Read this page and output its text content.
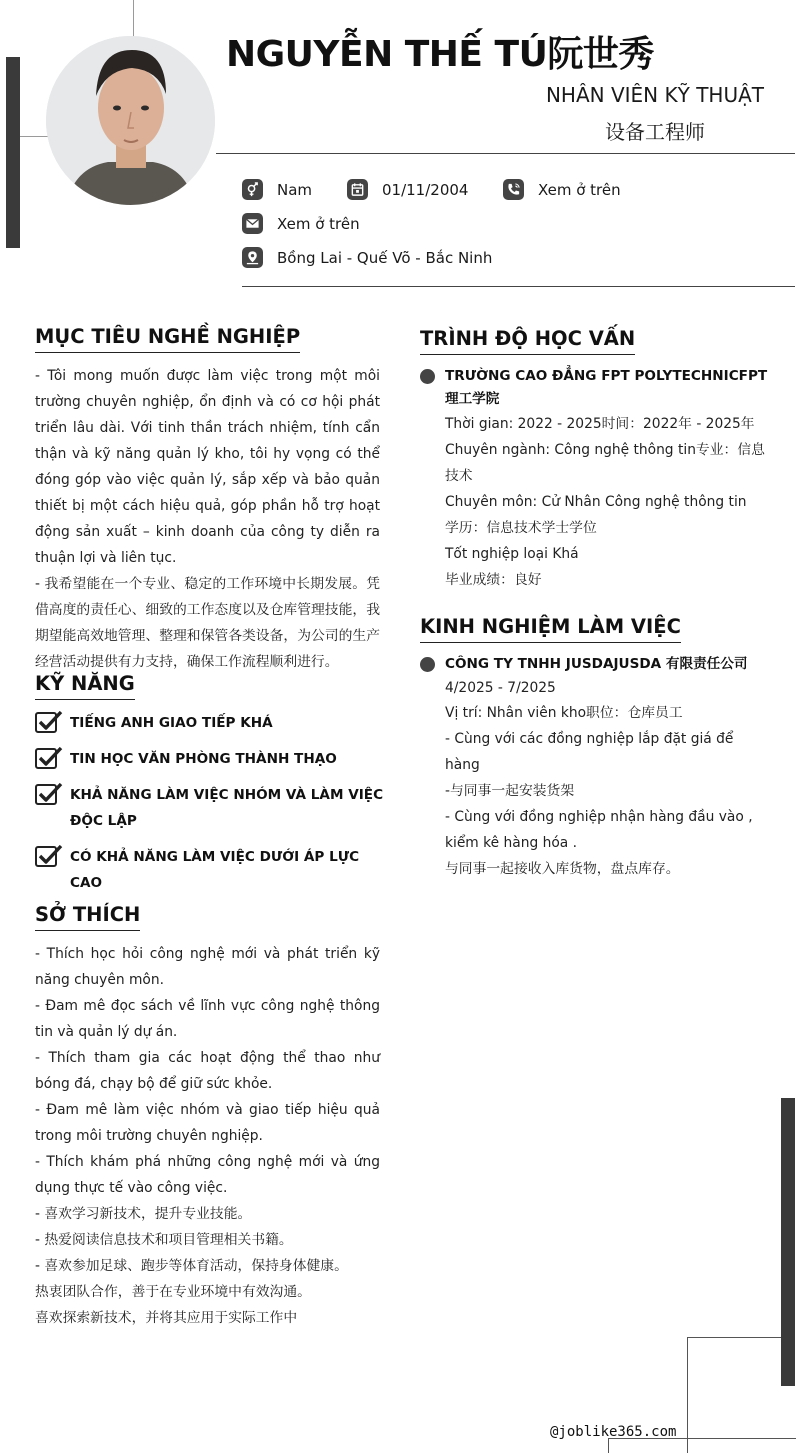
NGUYỄN THẾ TÚ阮世秀
NHÂN VIÊN KỸ THUẬT
设备工程师
Nam	01/11/2004	Xem ở trên
Xem ở trên
Bồng Lai - Quế Võ - Bắc Ninh
MỤC TIÊU NGHỀ NGHIỆP

- Tôi mong muốn được làm việc trong một môi trường chuyên nghiệp, ổn định và có cơ hội phát triển lâu dài. Với tinh thần trách nhiệm, tính cẩn thận và kỹ năng quản lý kho, tôi hy vọng có thể đóng góp vào việc quản lý, sắp xếp và bảo quản thiết bị một cách hiệu quả, góp phần hỗ trợ hoạt động sản xuất – kinh doanh của công ty diễn ra thuận lợi và liên tục.

- 我希望能在一个专业、稳定的工作环境中长期发展。凭借高度的责任心、细致的工作态度以及仓库管理技能，我期望能高效地管理、整理和保管各类设备，为公司的生产经营活动提供有力支持，确保工作流程顺利进行。

KỸ NĂNG
TIẾNG ANH GIAO TIẾP KHÁ
TIN HỌC VĂN PHÒNG THÀNH THẠO
KHẢ NĂNG LÀM VIỆC NHÓM VÀ LÀM VIỆC ĐỘC LẬP
CÓ KHẢ NĂNG LÀM VIỆC DƯỚI ÁP LỰC CAO
SỞ THÍCH

- Thích học hỏi công nghệ mới và phát triển kỹ năng chuyên môn.

- Đam mê đọc sách về lĩnh vực công nghệ thông tin và quản lý dự án.

- Thích tham gia các hoạt động thể thao như bóng đá, chạy bộ để giữ sức khỏe.

- Đam mê làm việc nhóm và giao tiếp hiệu quả trong môi trường chuyên nghiệp.

- Thích khám phá những công nghệ mới và ứng dụng thực tế vào công việc.

- 喜欢学习新技术，提升专业技能。

- 热爱阅读信息技术和项目管理相关书籍。

- 喜欢参加足球、跑步等体育活动，保持身体健康。

热衷团队合作，善于在专业环境中有效沟通。

喜欢探索新技术，并将其应用于实际工作中

TRÌNH ĐỘ HỌC VẤN
TRƯỜNG CAO ĐẲNG FPT POLYTECHNICFPT理工学院
Thời gian: 2022 - 2025时间：2022年 - 2025年
Chuyên ngành: Công nghệ thông tin专业：信息技术
Chuyên môn: Cử Nhân Công nghệ thông tin
学历：信息技术学士学位
Tốt nghiệp loại Khá
毕业成绩：良好
KINH NGHIỆM LÀM VIỆC
CÔNG TY TNHH JUSDAJUSDA 有限责任公司
4/2025 - 7/2025
Vị trí: Nhân viên kho职位：仓库员工
- Cùng với các đồng nghiệp lắp đặt giá để hàng
-与同事一起安装货架
- Cùng với đồng nghiệp nhận hàng đầu vào , kiểm kê hàng hóa .
与同事一起接收入库货物，盘点库存。
@joblike365.com
